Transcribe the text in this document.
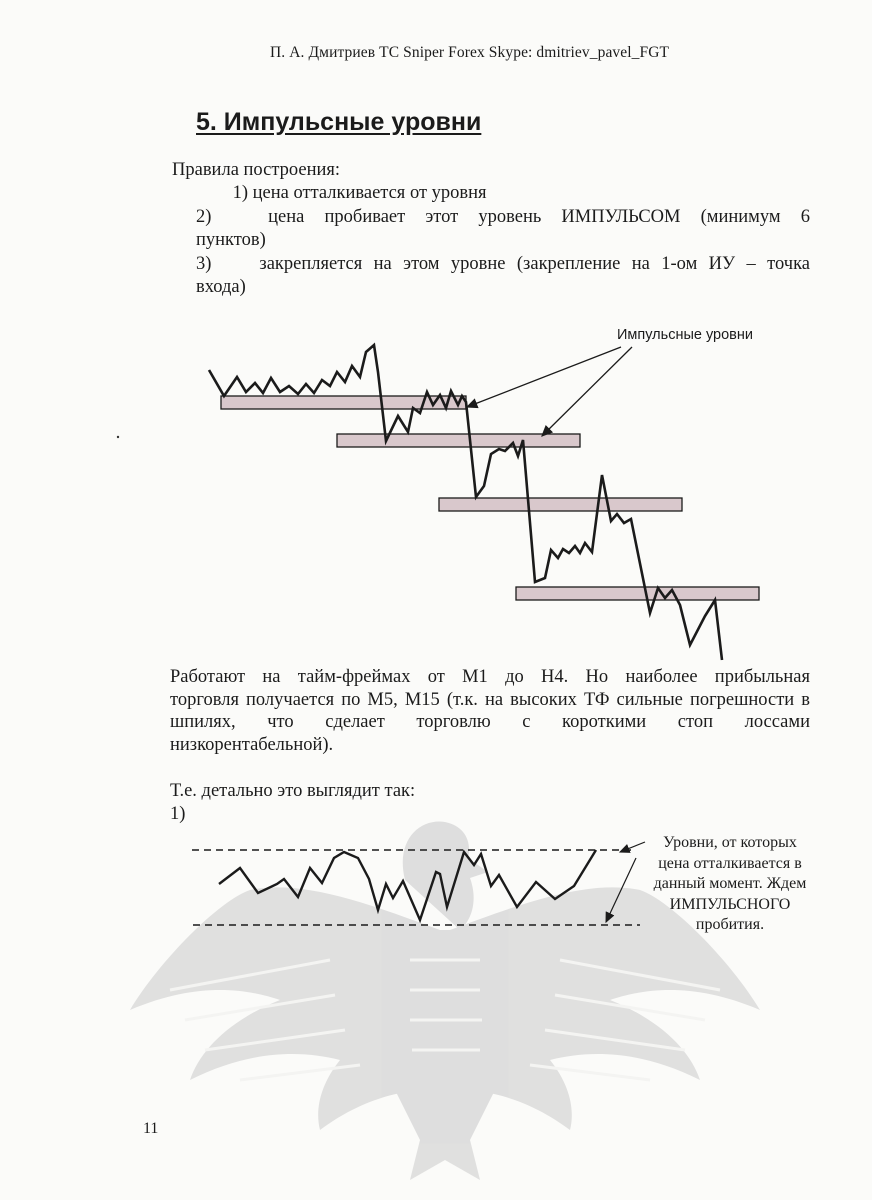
П. А. Дмитриев ТС Sniper Forex Skype: dmitriev_pavel_FGT
5. Импульсные уровни
Правила построения:
1) цена отталкивается от уровня
2)	цена пробивает этот уровень ИМПУЛЬСОМ (минимум 6
пунктов)
3)	закрепляется на этом уровне (закрепление на 1-ом ИУ – точка
входа)
Импульсные уровни
Работают на тайм-фреймах от М1 до Н4. Но наиболее прибыльная
торговля получается по М5, М15 (т.к. на высоких ТФ сильные погрешности в
шпилях, что сделает торговлю с короткими стоп лоссами
низкорентабельной).
Т.е. детально это выглядит так:
1)
Уровни, от которых
цена отталкивается в
данный момент. Ждем
ИМПУЛЬСНОГО
пробития.
11
